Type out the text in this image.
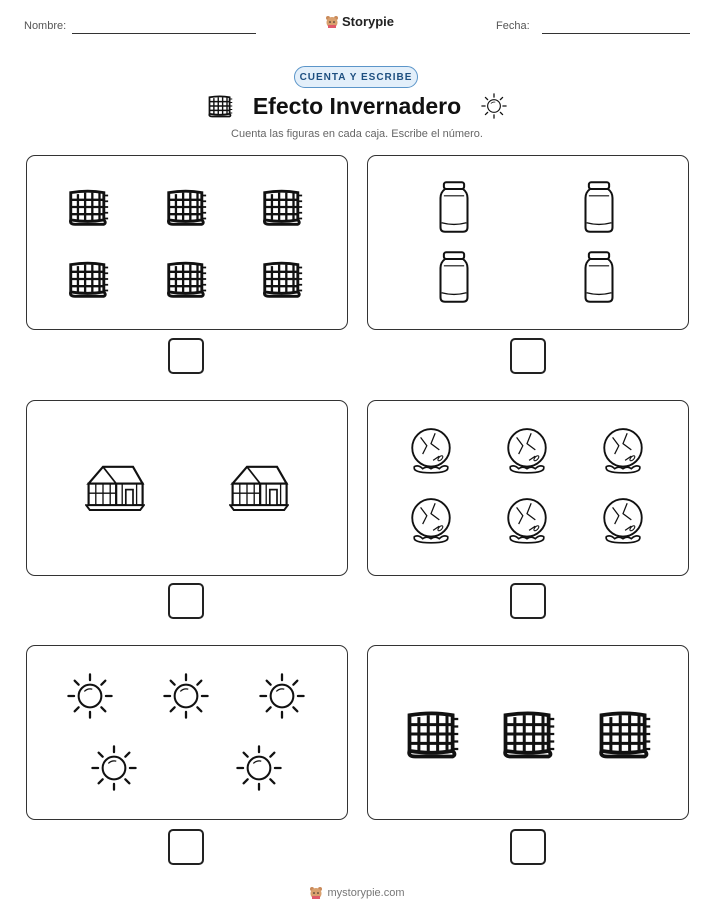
Nombre:	Storypie	Fecha:
CUENTA Y ESCRIBE
Efecto Invernadero
Cuenta las figuras en cada caja. Escribe el número.
mystorypie.com
